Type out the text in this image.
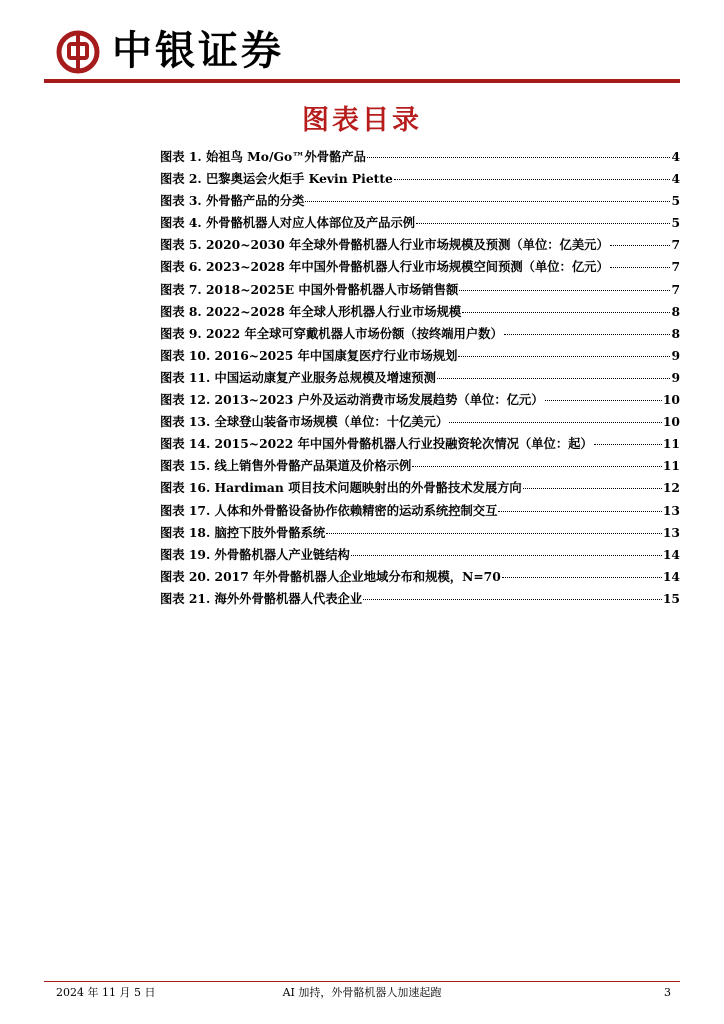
中银证券
图表目录
图表 1. 始祖鸟 Mo/Go™外骨骼产品	4
图表 2. 巴黎奥运会火炬手 Kevin Piette	4
图表 3. 外骨骼产品的分类	5
图表 4. 外骨骼机器人对应人体部位及产品示例	5
图表 5. 2020~2030 年全球外骨骼机器人行业市场规模及预测（单位：亿美元）	7
图表 6. 2023~2028 年中国外骨骼机器人行业市场规模空间预测（单位：亿元）	7
图表 7. 2018~2025E 中国外骨骼机器人市场销售额	7
图表 8. 2022~2028 年全球人形机器人行业市场规模	8
图表 9. 2022 年全球可穿戴机器人市场份额（按终端用户数）	8
图表 10. 2016~2025 年中国康复医疗行业市场规划	9
图表 11. 中国运动康复产业服务总规模及增速预测	9
图表 12. 2013~2023 户外及运动消费市场发展趋势（单位：亿元）	10
图表 13. 全球登山装备市场规模（单位：十亿美元）	10
图表 14. 2015~2022 年中国外骨骼机器人行业投融资轮次情况（单位：起）	11
图表 15. 线上销售外骨骼产品渠道及价格示例	11
图表 16. Hardiman 项目技术问题映射出的外骨骼技术发展方向	12
图表 17. 人体和外骨骼设备协作依赖精密的运动系统控制交互	13
图表 18. 脑控下肢外骨骼系统	13
图表 19. 外骨骼机器人产业链结构	14
图表 20. 2017 年外骨骼机器人企业地域分布和规模，N=70	14
图表 21. 海外外骨骼机器人代表企业	15
2024 年 11 月 5 日	AI 加持，外骨骼机器人加速起跑	3
